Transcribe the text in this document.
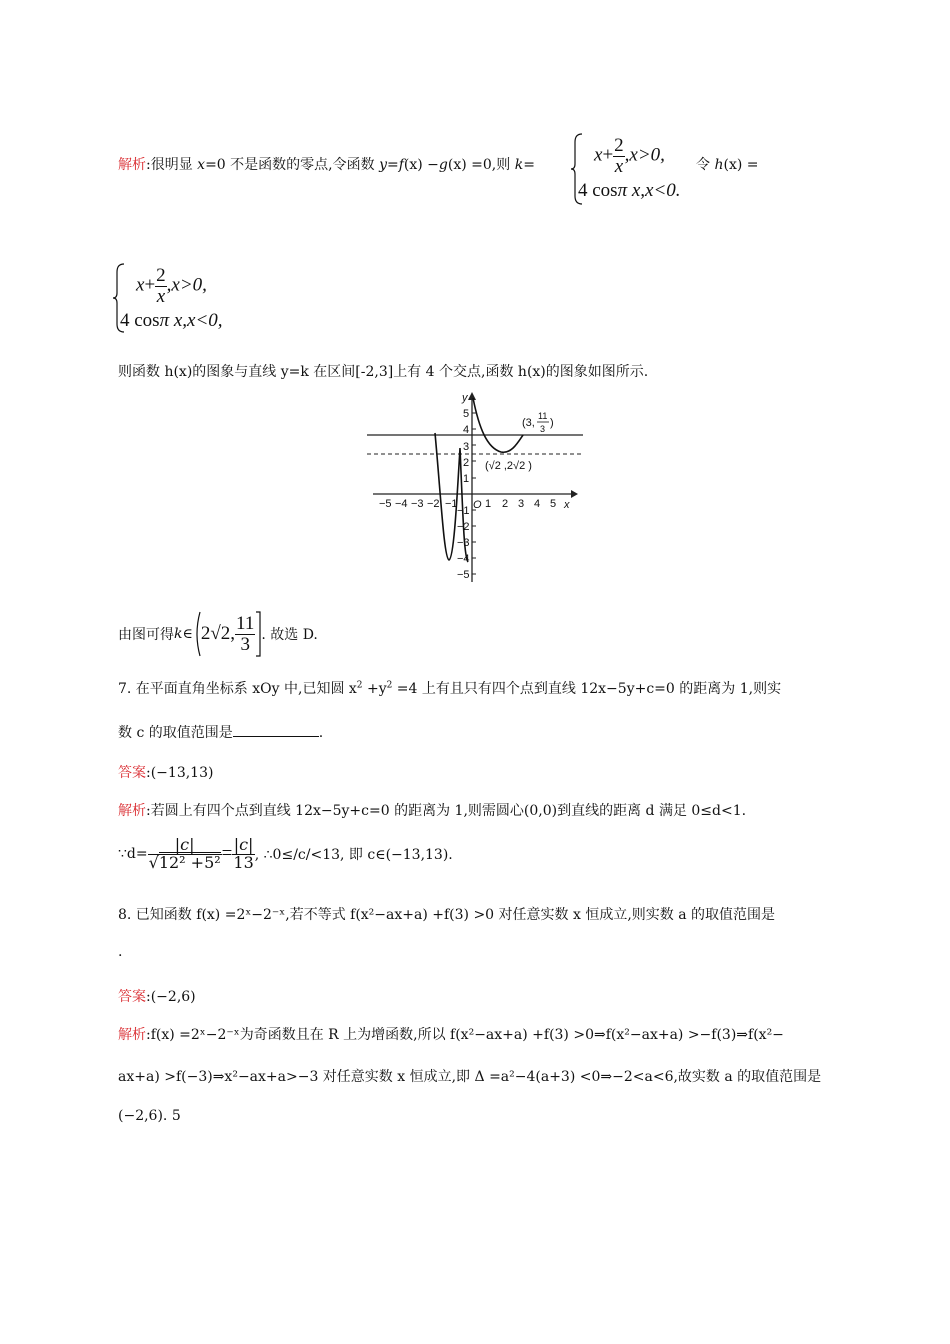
解析:很明显 x=0 不是函数的零点,令函数 y=f(x) −g(x) =0,则 k=	$x+ \frac{2}{x} ,x>0$,
4 cosπ x,x<0.
令 h(x) =
$x+ \frac{2}{x} ,x>0$,
4 cosπ x,x<0,
则函数 h(x)的图象与直线 y=k 在区间[-2,3]上有 4 个交点,函数 h(x)的图象如图所示.
−5 −4 −3 −2 −1 O 1 2 3 4 5 x
y
1
2
3
4
5
−1
−2
−3
−4
−5
(3,
11
3 )
(√2 ,2√2 )
由图可得 k ∈ 2 √2 , $\frac{11}{3}$ . 故选 D.
7. 在平面直角坐标系 xOy 中,已知圆 $x^2 +y^2 =4$ 上有且只有四个点到直线 12x−5y+c=0 的距离为 1,则实
数 c 的取值范围是	.
答案:(−13,13)
解析:若圆上有四个点到直线 12x−5y+c=0 的距离为 1,则需圆心(0,0)到直线的距离 d 满足 0≤d<1.
∵d= $\frac{|c|}{\text{√12² +5²}} = \frac{|c|}{13}$ , ∴0≤/c/<13, 即 c∈(−13,13).
8. 已知函数 f(x) =2ˣ−2⁻ˣ,若不等式 f(x²−ax+a) +f(3) >0 对任意实数 x 恒成立,则实数 a 的取值范围是
.
答案:(−2,6)
解析:f(x) =2ˣ−2⁻ˣ为奇函数且在 R 上为增函数,所以 f(x²−ax+a) +f(3) >0⇒f(x²−ax+a) >−f(3)⇒f(x²−
ax+a) >f(−3)⇒x²−ax+a>−3 对任意实数 x 恒成立,即 Δ =a²−4(a+3) <0⇒−2<a<6,故实数 a 的取值范围是
(−2,6). 5
